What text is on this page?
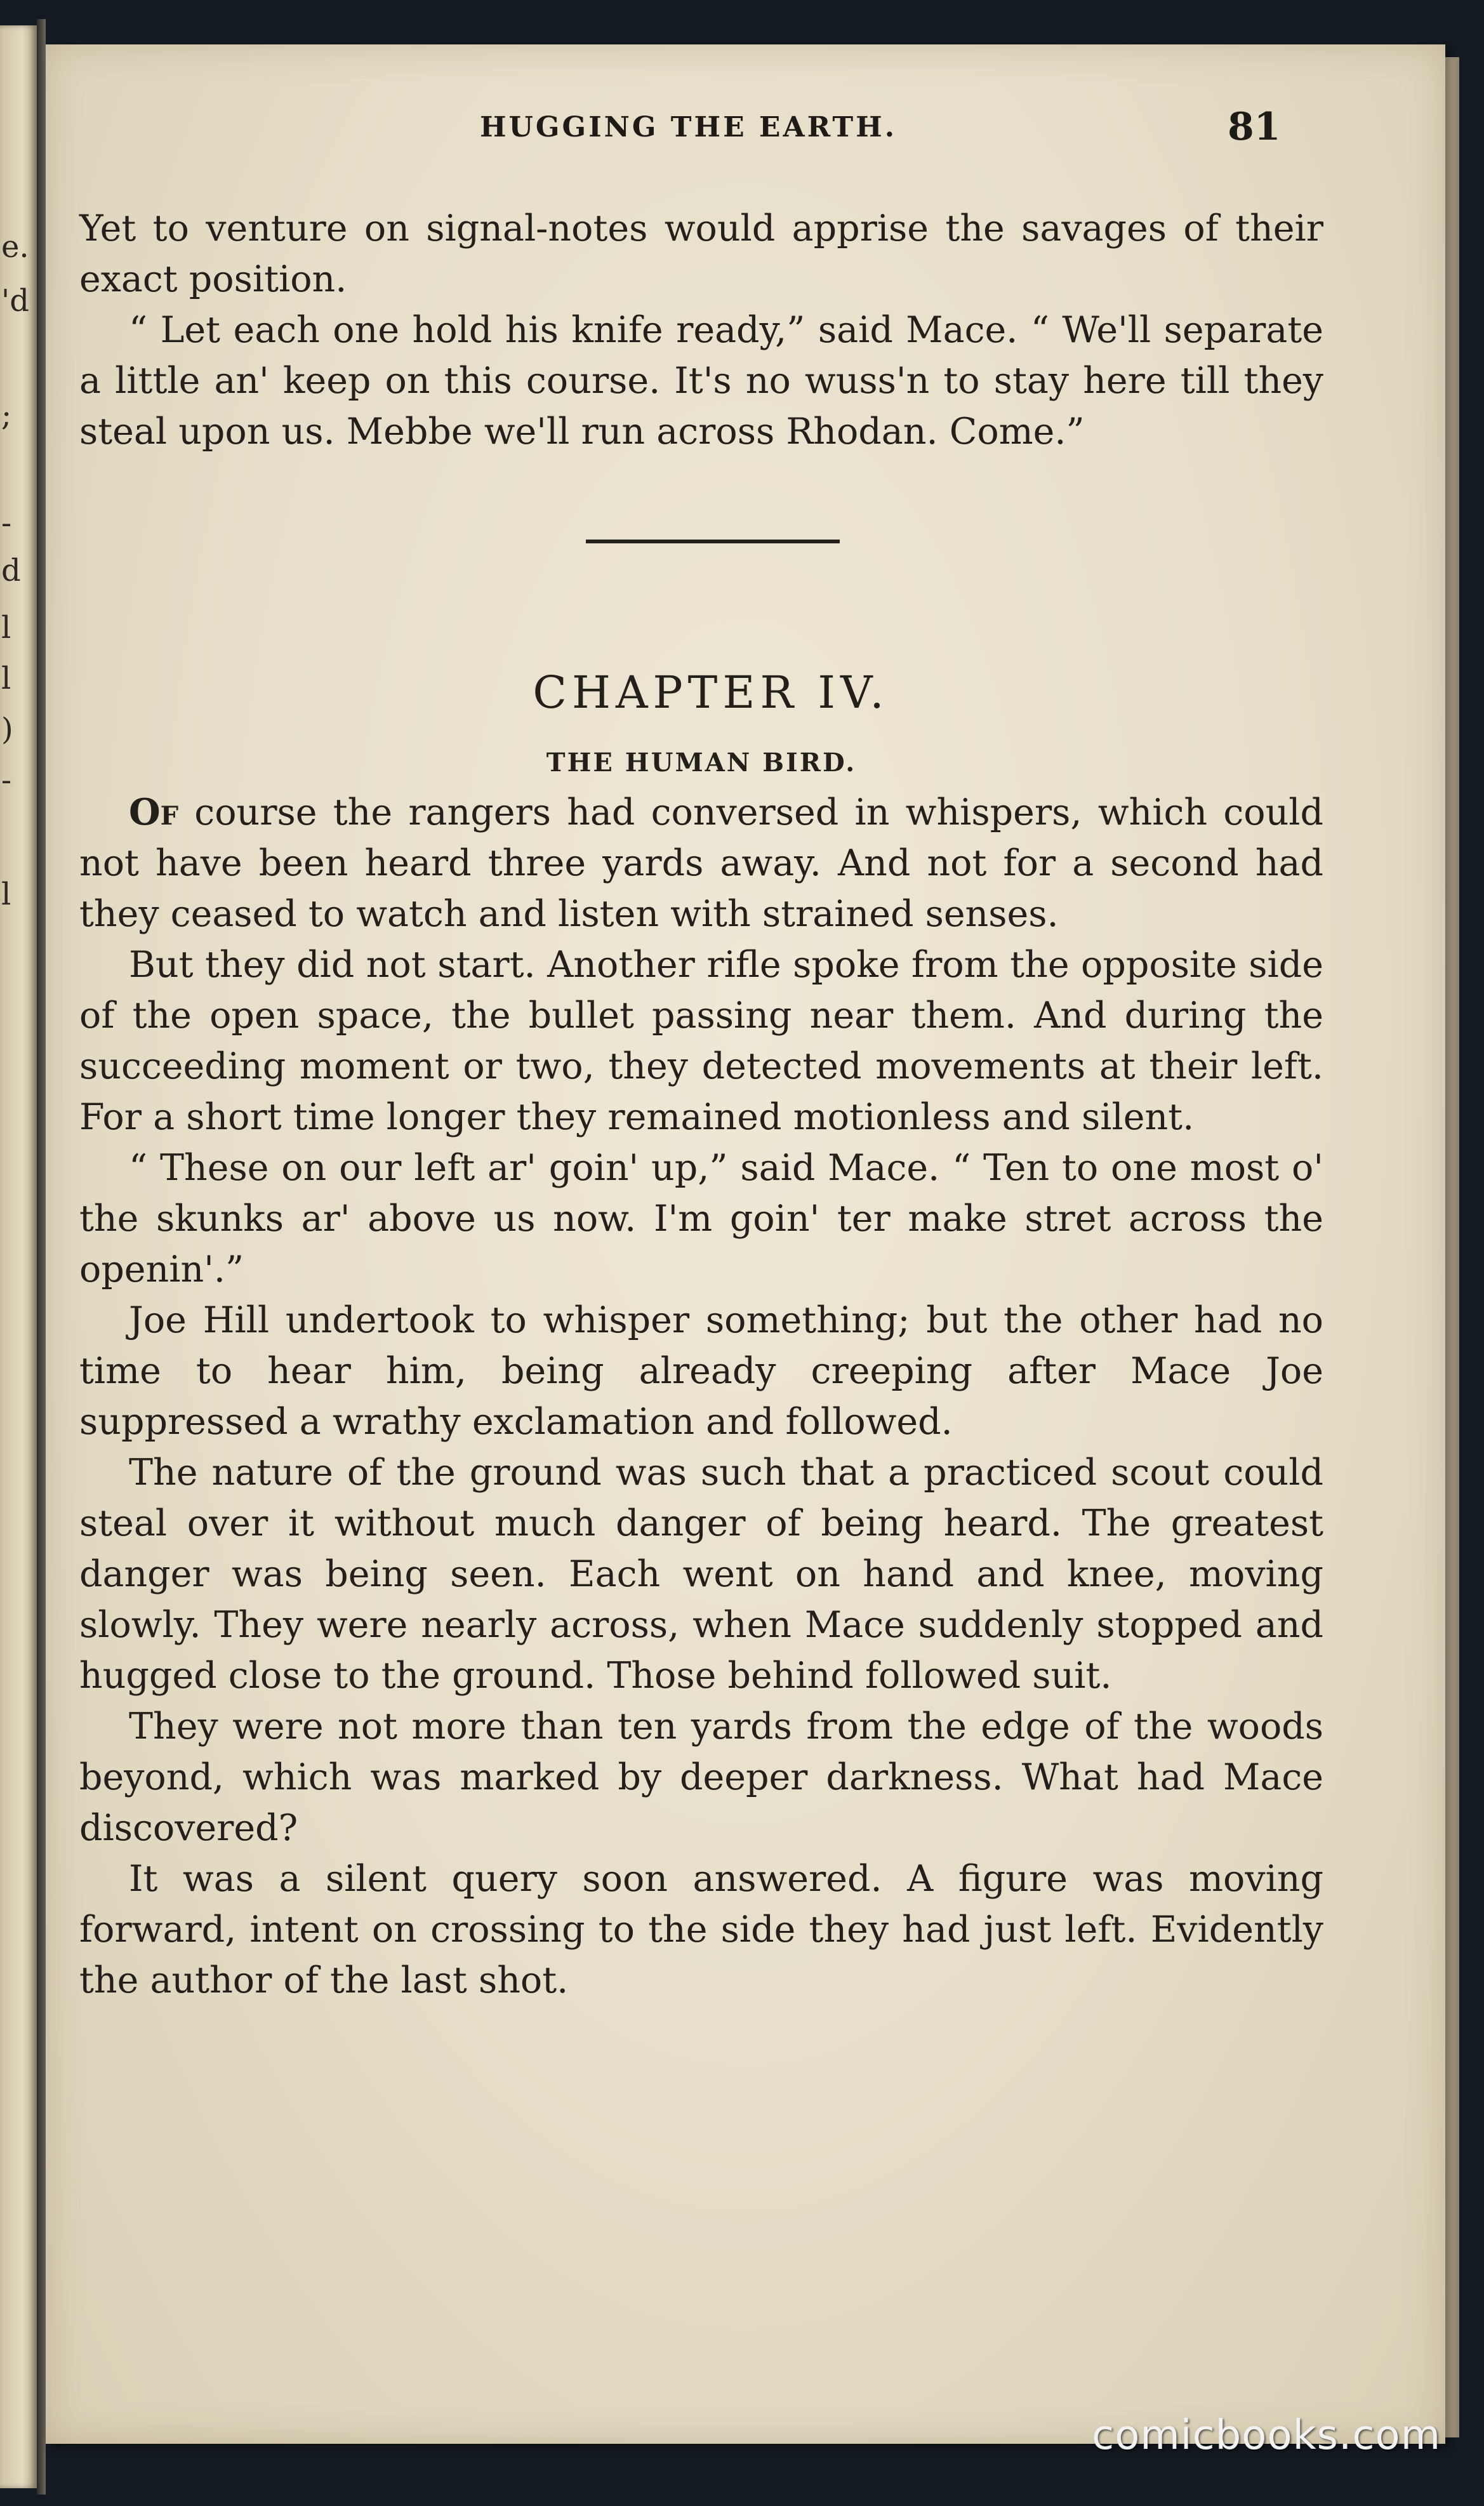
e.
'd
;
-
d
l
l
)
-
l
HUGGING THE EARTH.	81

Yet to venture on signal-notes would apprise the savages of their exact position.

“ Let each one hold his knife ready,” said Mace. “ We'll separate a little an' keep on this course. It's no wuss'n to stay here till they steal upon us. Mebbe we'll run across Rhodan. Come.”

CHAPTER IV.
THE HUMAN BIRD.

Of course the rangers had conversed in whispers, which could not have been heard three yards away. And not for a second had they ceased to watch and listen with strained senses.

But they did not start. Another rifle spoke from the opposite side of the open space, the bullet passing near them. And during the succeeding moment or two, they detected movements at their left. For a short time longer they remained motionless and silent.

“ These on our left ar' goin' up,” said Mace. “ Ten to one most o' the skunks ar' above us now. I'm goin' ter make stret across the openin'.”

Joe Hill undertook to whisper something; but the other had no time to hear him, being already creeping after Mace Joe suppressed a wrathy exclamation and followed.

The nature of the ground was such that a practiced scout could steal over it without much danger of being heard. The greatest danger was being seen. Each went on hand and knee, moving slowly. They were nearly across, when Mace suddenly stopped and hugged close to the ground. Those behind followed suit.

They were not more than ten yards from the edge of the woods beyond, which was marked by deeper darkness. What had Mace discovered?

It was a silent query soon answered. A figure was moving forward, intent on crossing to the side they had just left. Evidently the author of the last shot.

comicbooks.com
